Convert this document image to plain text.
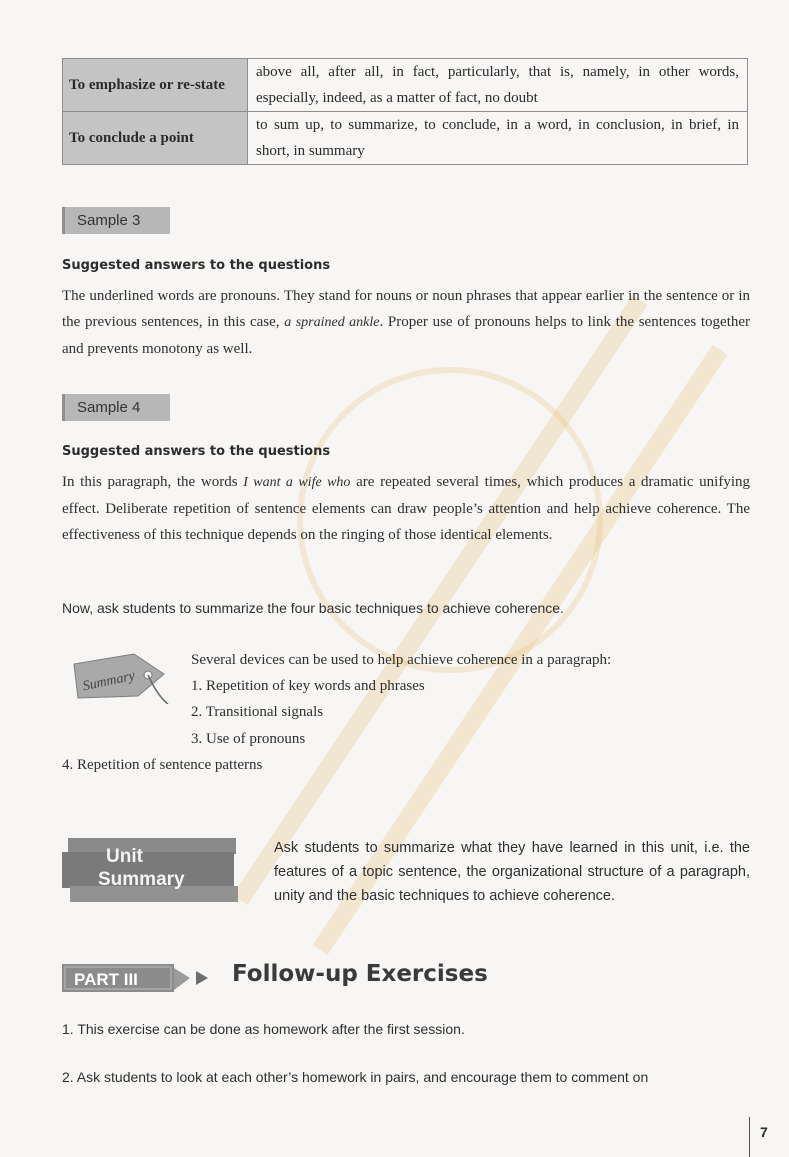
To emphasize or re-state	above all, after all, in fact, particularly, that is, namely, in other words, especially, indeed, as a matter of fact, no doubt
To conclude a point	to sum up, to summarize, to conclude, in a word, in conclusion, in brief, in short, in summary
Sample 3
Suggested answers to the questions
The underlined words are pronouns. They stand for nouns or noun phrases that appear earlier in the sentence or in the previous sentences, in this case, a sprained ankle. Proper use of pronouns helps to link the sentences together and prevents monotony as well.
Sample 4
Suggested answers to the questions
In this paragraph, the words I want a wife who are repeated several times, which produces a dramatic unifying effect. Deliberate repetition of sentence elements can draw people’s attention and help achieve coherence. The effectiveness of this technique depends on the ringing of those identical elements.
Now, ask students to summarize the four basic techniques to achieve coherence.
Summary
Several devices can be used to help achieve coherence in a paragraph:
1. Repetition of key words and phrases
2. Transitional signals
3. Use of pronouns
4. Repetition of sentence patterns
Unit
Summary
Ask students to summarize what they have learned in this unit, i.e. the features of a topic sentence, the organizational structure of a paragraph, unity and the basic techniques to achieve coherence.
PART III	Follow-up Exercises
1. This exercise can be done as homework after the first session.
2. Ask students to look at each other’s homework in pairs, and encourage them to comment on
7
